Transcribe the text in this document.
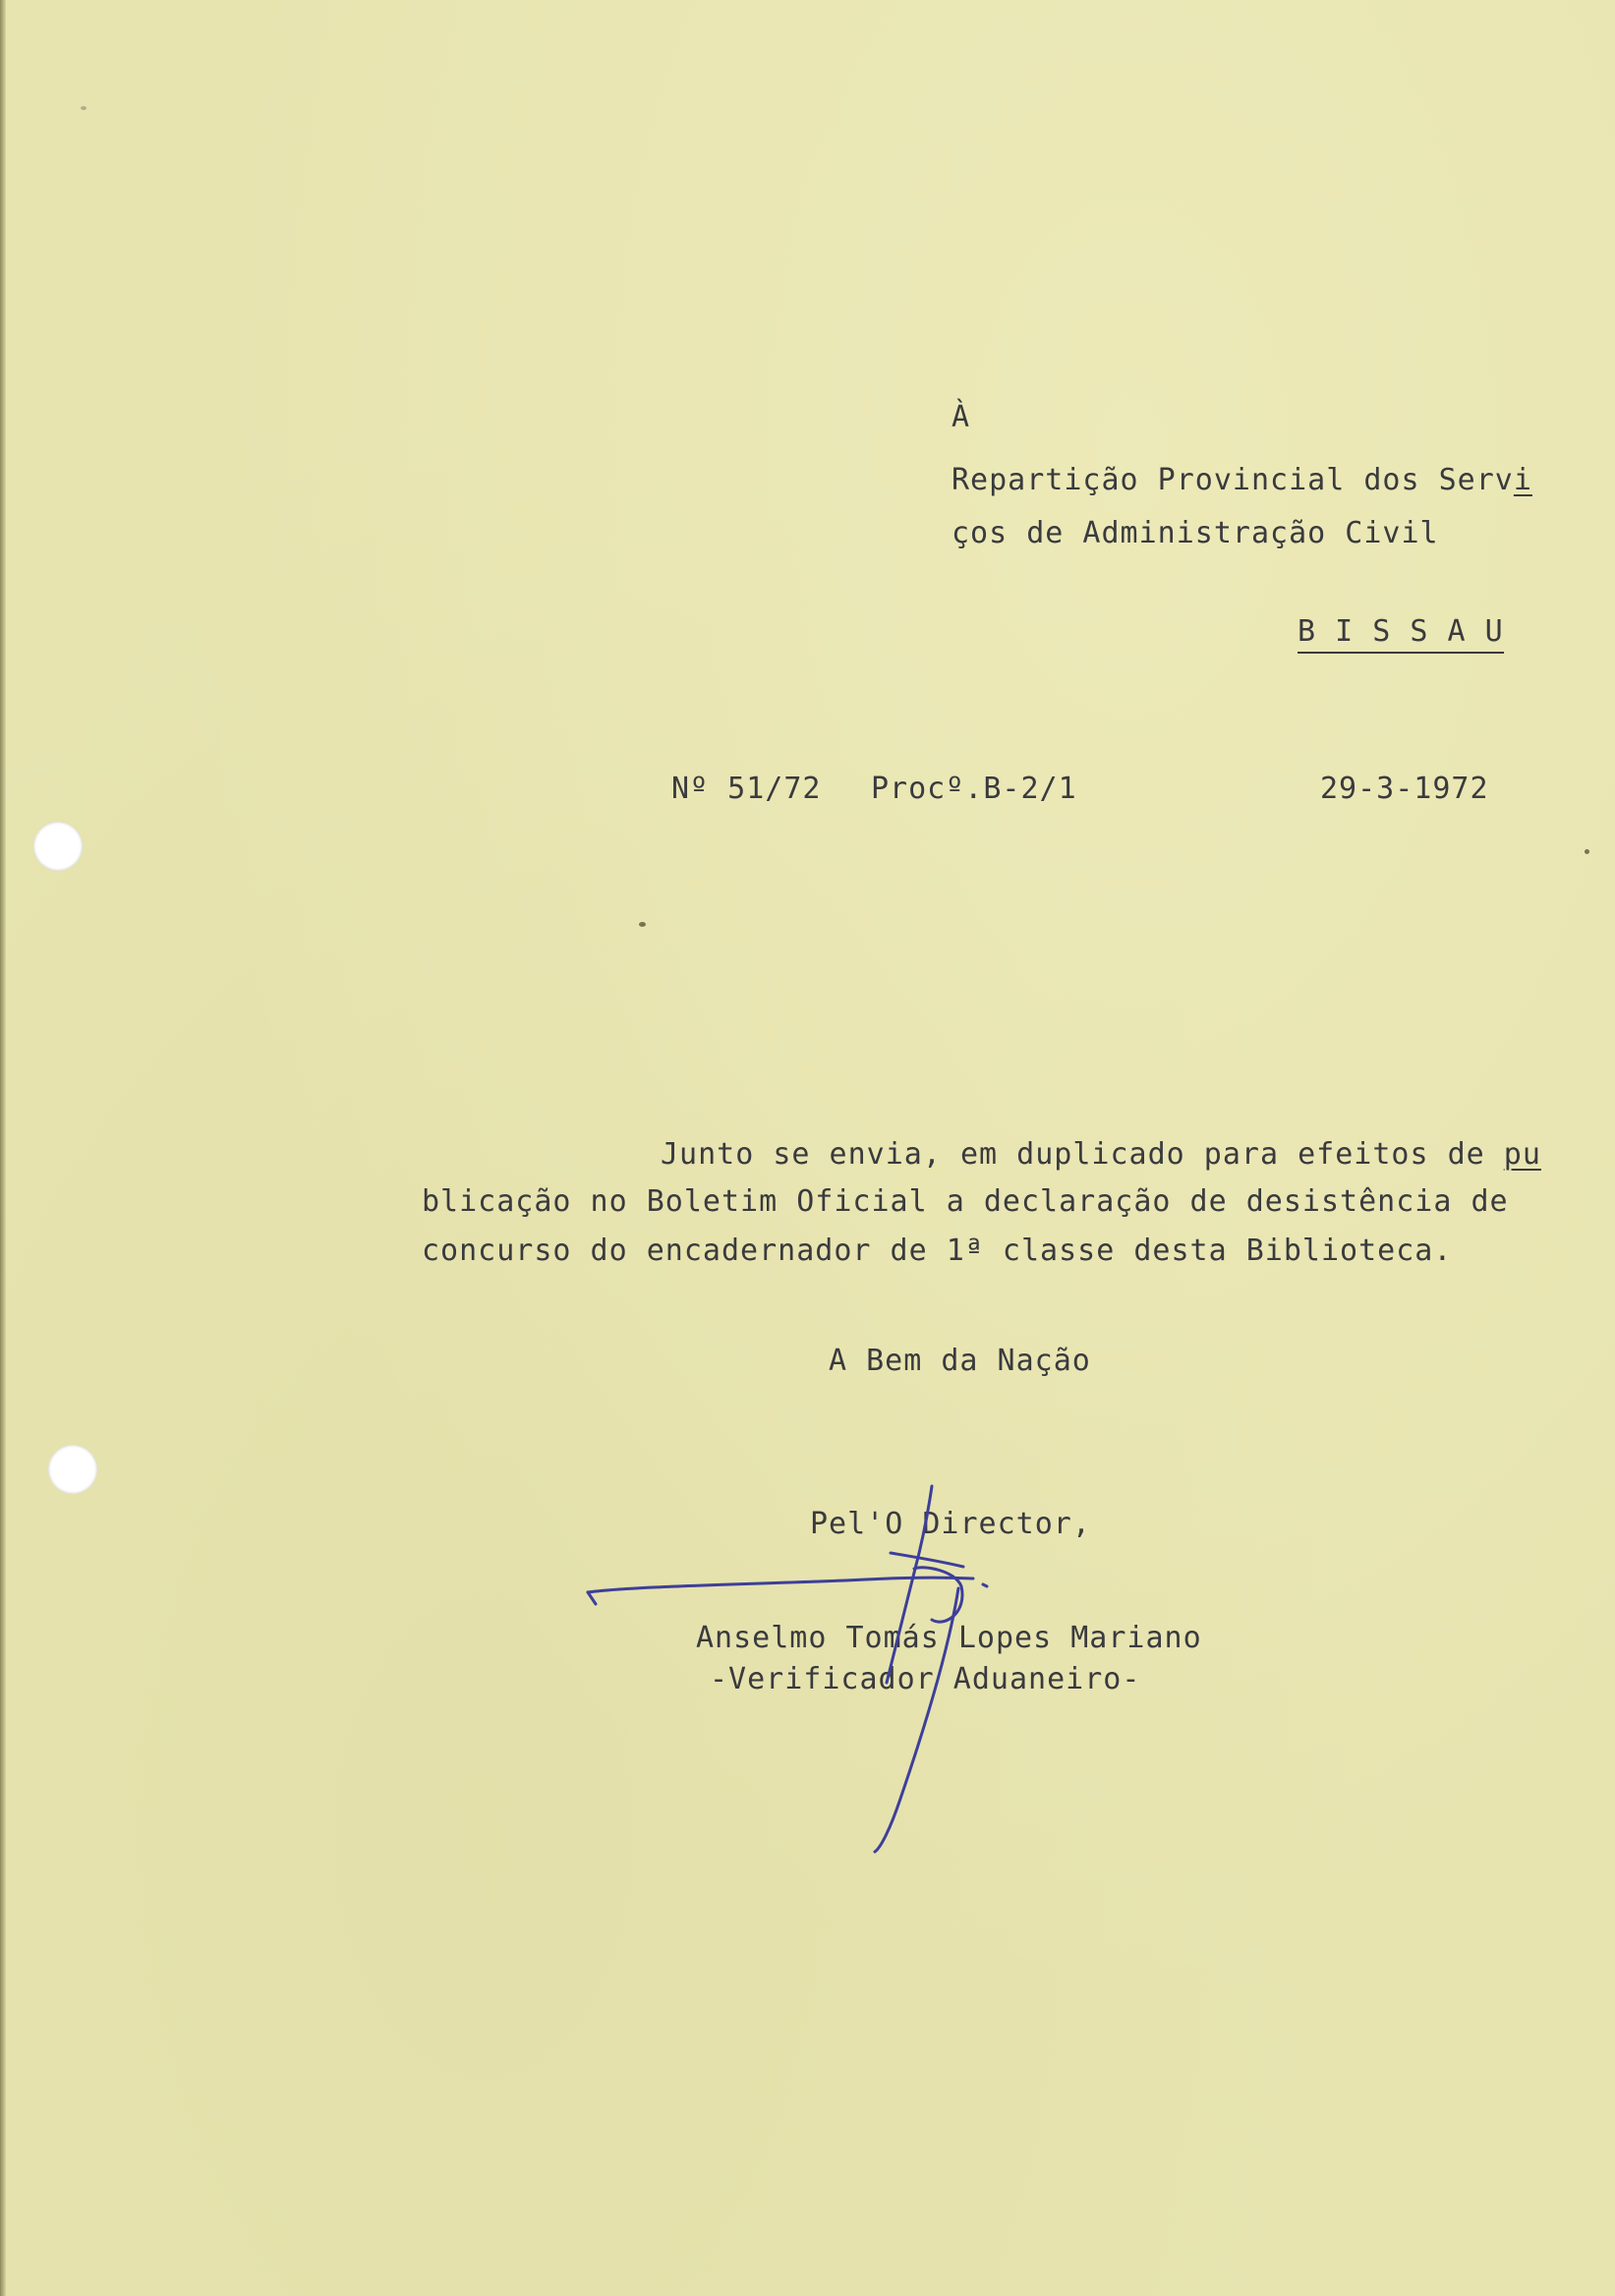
À
Repartição Provincial dos Servi
ços de Administração Civil
B I S S A U
Nº 51/72 Procº.B-2/1	29-3-1972
Junto se envia, em duplicado para efeitos de pu
blicação no Boletim Oficial a declaração de desistência de
concurso do encadernador de 1ª classe desta Biblioteca.
A Bem da Nação
Pel'O Director,
Anselmo Tomás Lopes Mariano
-Verificador Aduaneiro-
